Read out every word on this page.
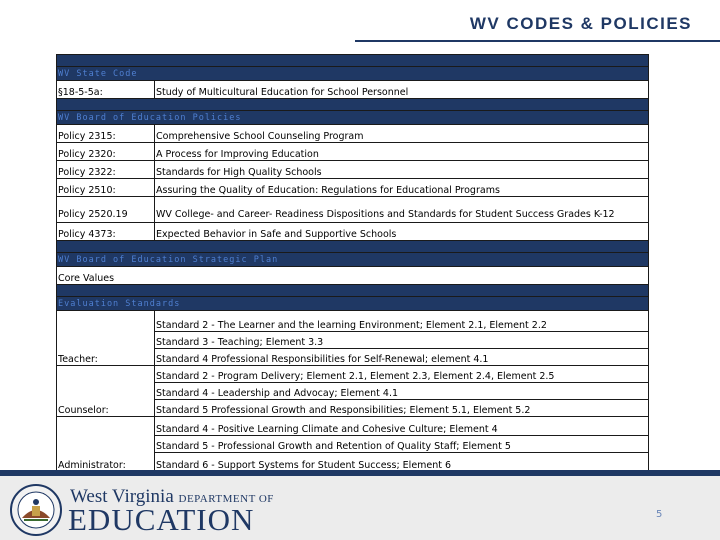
WV CODES & POLICIES

WV State Code	
§18-5-5a:	Study of Multicultural Education for School Personnel

WV Board of Education Policies	
Policy 2315:	Comprehensive School Counseling Program
Policy 2320:	A Process for Improving Education
Policy 2322:	Standards for High Quality Schools
Policy 2510:	Assuring the Quality of Education: Regulations for Educational Programs
Policy 2520.19	WV College- and Career- Readiness Dispositions and Standards for Student Success Grades K-12
Policy 4373:	Expected Behavior in Safe and Supportive Schools

WV Board of Education Strategic Plan	
Core Values	

Evaluation Standards	
Teacher:	Standard 2 - The Learner and the learning Environment; Element 2.1, Element 2.2
	Standard 3 - Teaching; Element 3.3
	Standard 4 Professional Responsibilities for Self-Renewal; element 4.1
Counselor:	Standard 2 - Program Delivery; Element 2.1, Element 2.3, Element 2.4, Element 2.5
	Standard 4 - Leadership and Advocay; Element 4.1
	Standard 5 Professional Growth and Responsibilities; Element 5.1, Element 5.2
Administrator:	Standard 4 - Positive Learning Climate and Cohesive Culture; Element 4
	Standard 5 - Professional Growth and Retention of Quality Staff; Element 5
	Standard 6 - Support Systems for Student Success; Element 6
West Virginia DEPARTMENT OF
EDUCATION	5
